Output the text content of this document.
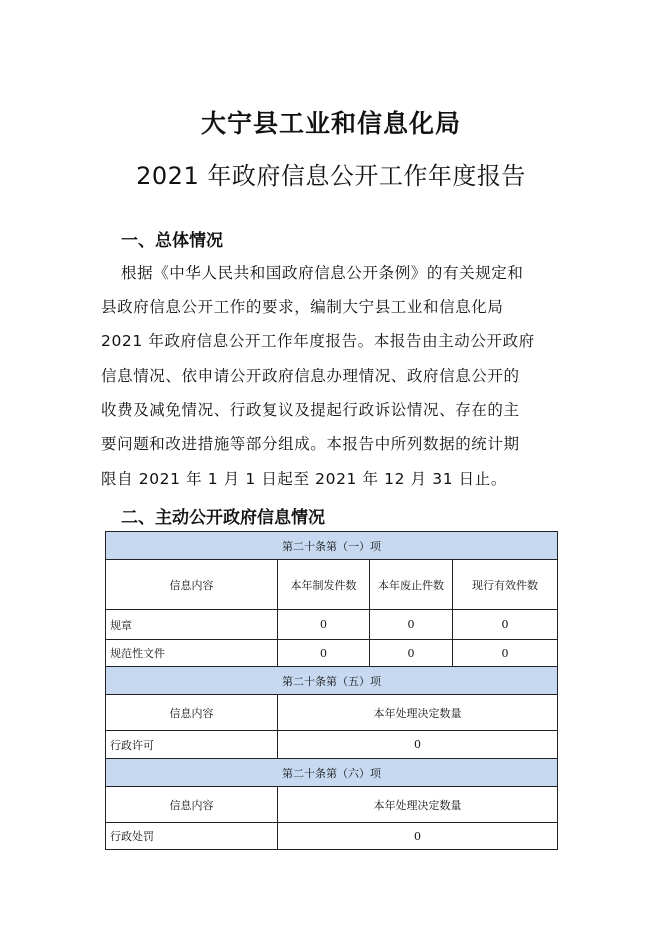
大宁县工业和信息化局
2021 年政府信息公开工作年度报告
一、总体情况
根据《中华人民共和国政府信息公开条例》的有关规定和
县政府信息公开工作的要求，编制大宁县工业和信息化局
2021 年政府信息公开工作年度报告。本报告由主动公开政府
信息情况、依申请公开政府信息办理情况、政府信息公开的
收费及减免情况、行政复议及提起行政诉讼情况、存在的主
要问题和改进措施等部分组成。本报告中所列数据的统计期
限自 2021 年 1 月 1 日起至 2021 年 12 月 31 日止。
二、主动公开政府信息情况
第二十条第（一）项			
信息内容	本年制发件数	本年废止件数	现行有效件数
规章	0	0	0
规范性文件	0	0	0
第二十条第（五）项			
信息内容	本年处理决定数量		
行政许可	0		
第二十条第（六）项			
信息内容	本年处理决定数量		
行政处罚	0		
